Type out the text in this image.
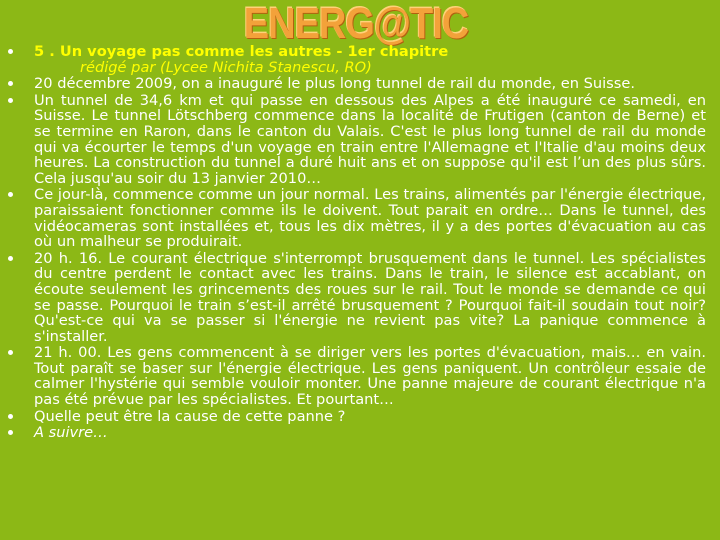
ENERG@TIC
5 . Un voyage pas comme les autres - 1er chapitre
rédigé par (Lycee Nichita Stanescu, RO)
20 décembre 2009, on a inauguré le plus long tunnel de rail du monde, en Suisse.
Un tunnel de 34,6 km et qui passe en dessous des Alpes a été inauguré ce samedi, en Suisse. Le tunnel Lötschberg commence dans la localité de Frutigen (canton de Berne) et se termine en Raron, dans le canton du Valais. C'est le plus long tunnel de rail du monde qui va écourter le temps d'un voyage en train entre l'Allemagne et l'Italie d'au moins deux heures. La construction du tunnel a duré huit ans et on suppose qu'il est l’un des plus sûrs. Cela jusqu'au soir du 13 janvier 2010…
Ce jour-là, commence comme un jour normal. Les trains, alimentés par l'énergie électrique, paraissaient fonctionner comme ils le doivent. Tout parait en ordre… Dans le tunnel, des vidéocameras sont installées et, tous les dix mètres, il y a des portes d'évacuation au cas où un malheur se produirait.
20 h. 16. Le courant électrique s'interrompt brusquement dans le tunnel. Les spécialistes du centre perdent le contact avec les trains. Dans le train, le silence est accablant, on écoute seulement les grincements des roues sur le rail. Tout le monde se demande ce qui se passe. Pourquoi le train s’est-il arrêté brusquement ? Pourquoi fait-il soudain tout noir? Qu'est-ce qui va se passer si l'énergie ne revient pas vite? La panique commence à s'installer.
21 h. 00. Les gens commencent à se diriger vers les portes d'évacuation, mais… en vain. Tout paraît se baser sur l'énergie électrique. Les gens paniquent. Un contrôleur essaie de calmer l'hystérie qui semble vouloir monter. Une panne majeure de courant électrique n'a pas été prévue par les spécialistes. Et pourtant…
Quelle peut être la cause de cette panne ?
A suivre…
